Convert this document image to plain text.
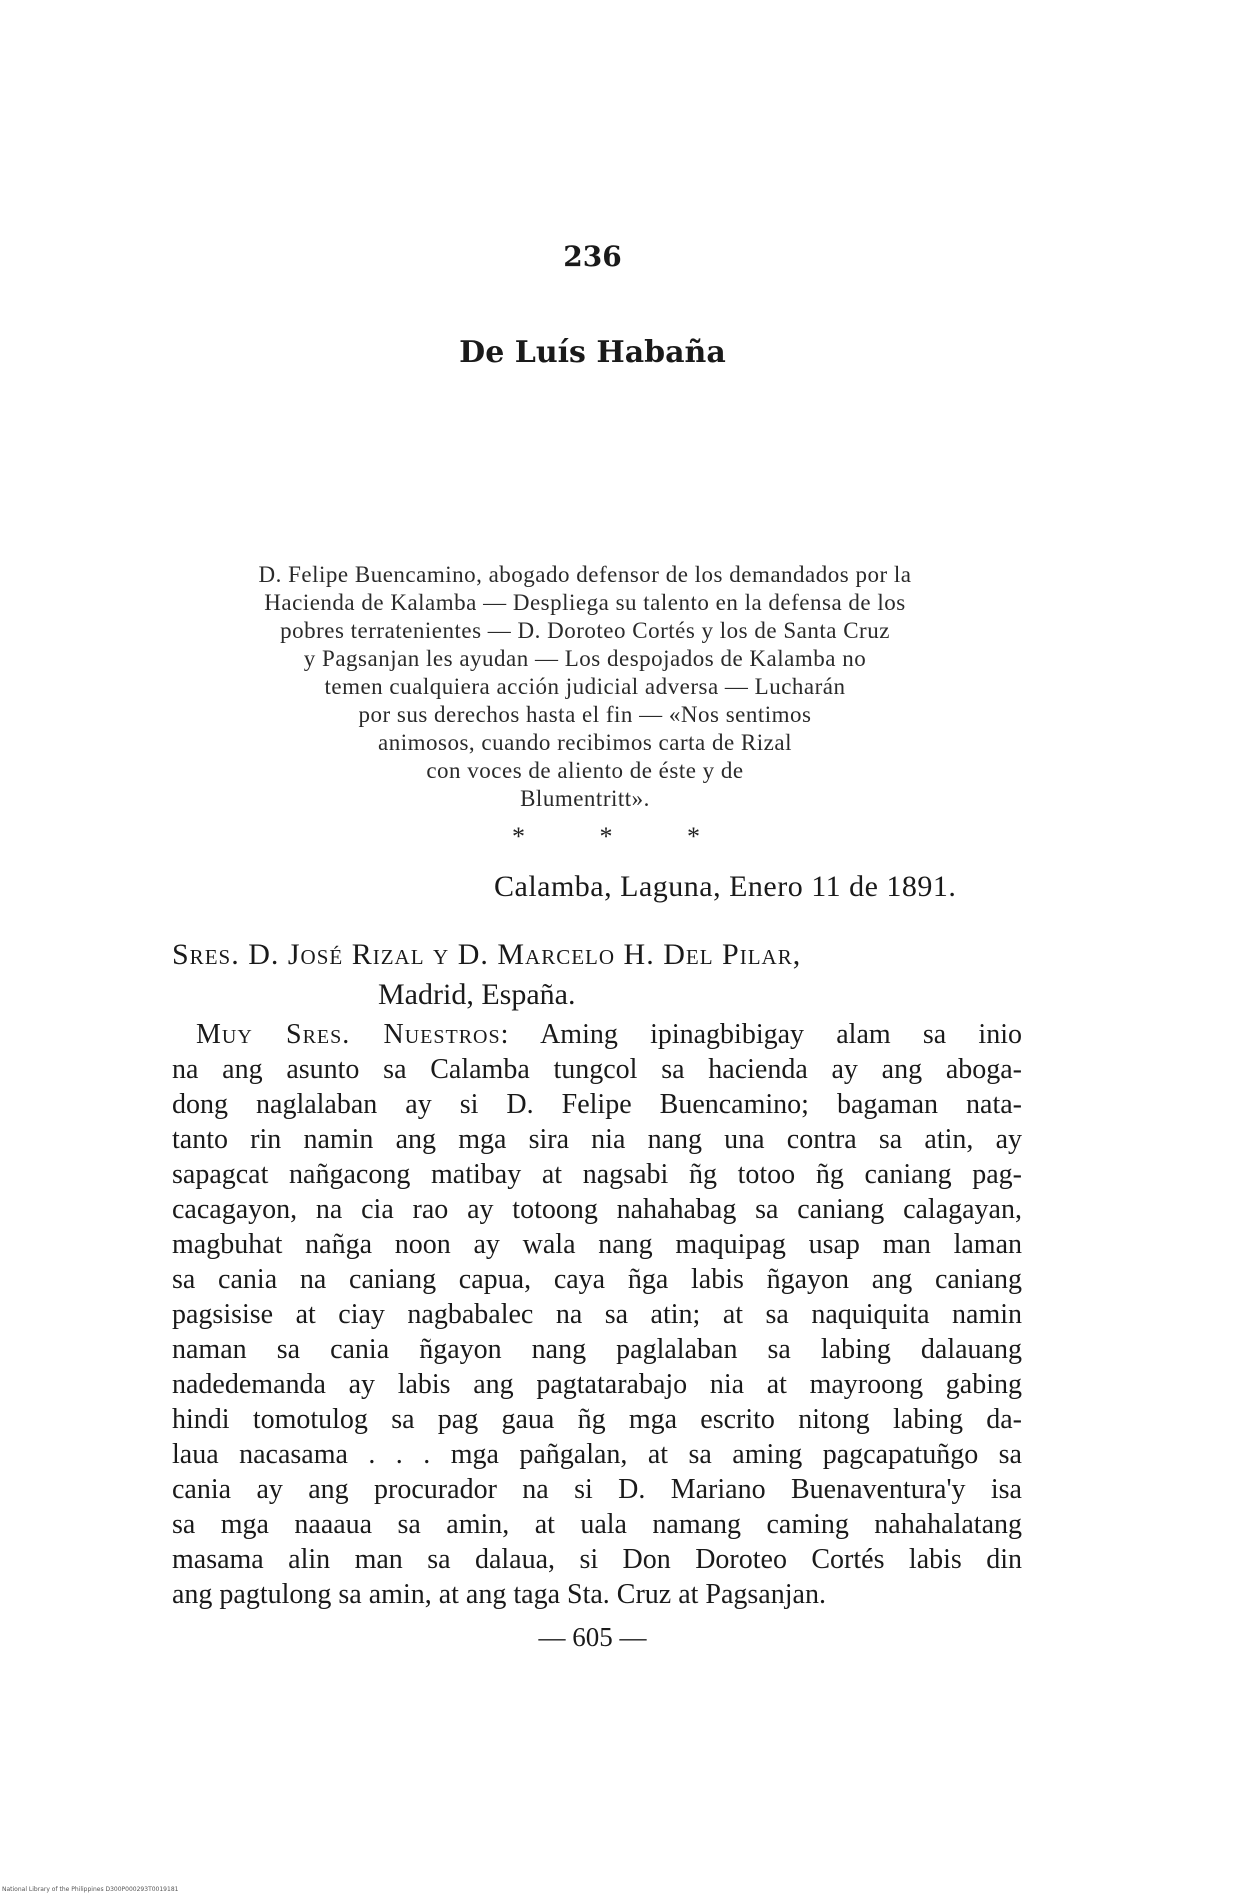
236
De Luís Habaña
D. Felipe Buencamino, abogado defensor de los demandados por la
Hacienda de Kalamba — Despliega su talento en la defensa de los
pobres terratenientes — D. Doroteo Cortés y los de Santa Cruz
y Pagsanjan les ayudan — Los despojados de Kalamba no
temen cualquiera acción judicial adversa — Lucharán
por sus derechos hasta el fin — «Nos sentimos
animosos, cuando recibimos carta de Rizal
con voces de aliento de éste y de
Blumentritt».
* * *
Calamba, Laguna, Enero 11 de 1891.
Sres. D. José Rizal y D. Marcelo H. Del Pilar,
Madrid, España.
Muy Sres. Nuestros: Aming ipinagbibigay alam sa inio
na ang asunto sa Calamba tungcol sa hacienda ay ang aboga-
dong naglalaban ay si D. Felipe Buencamino; bagaman nata-
tanto rin namin ang mga sira nia nang una contra sa atin, ay
sapagcat nañgacong matibay at nagsabi ñg totoo ñg caniang pag-
cacagayon, na cia rao ay totoong nahahabag sa caniang calagayan,
magbuhat nañga noon ay wala nang maquipag usap man laman
sa cania na caniang capua, caya ñga labis ñgayon ang caniang
pagsisise at ciay nagbabalec na sa atin; at sa naquiquita namin
naman sa cania ñgayon nang paglalaban sa labing dalauang
nadedemanda ay labis ang pagtatarabajo nia at mayroong gabing
hindi tomotulog sa pag gaua ñg mga escrito nitong labing da-
laua nacasama . . . mga pañgalan, at sa aming pagcapatuñgo sa
cania ay ang procurador na si D. Mariano Buenaventura'y isa
sa mga naaaua sa amin, at uala namang caming nahahalatang
masama alin man sa dalaua, si Don Doroteo Cortés labis din
ang pagtulong sa amin, at ang taga Sta. Cruz at Pagsanjan.
— 605 —
National Library of the Philippines D300P000293T0019181
